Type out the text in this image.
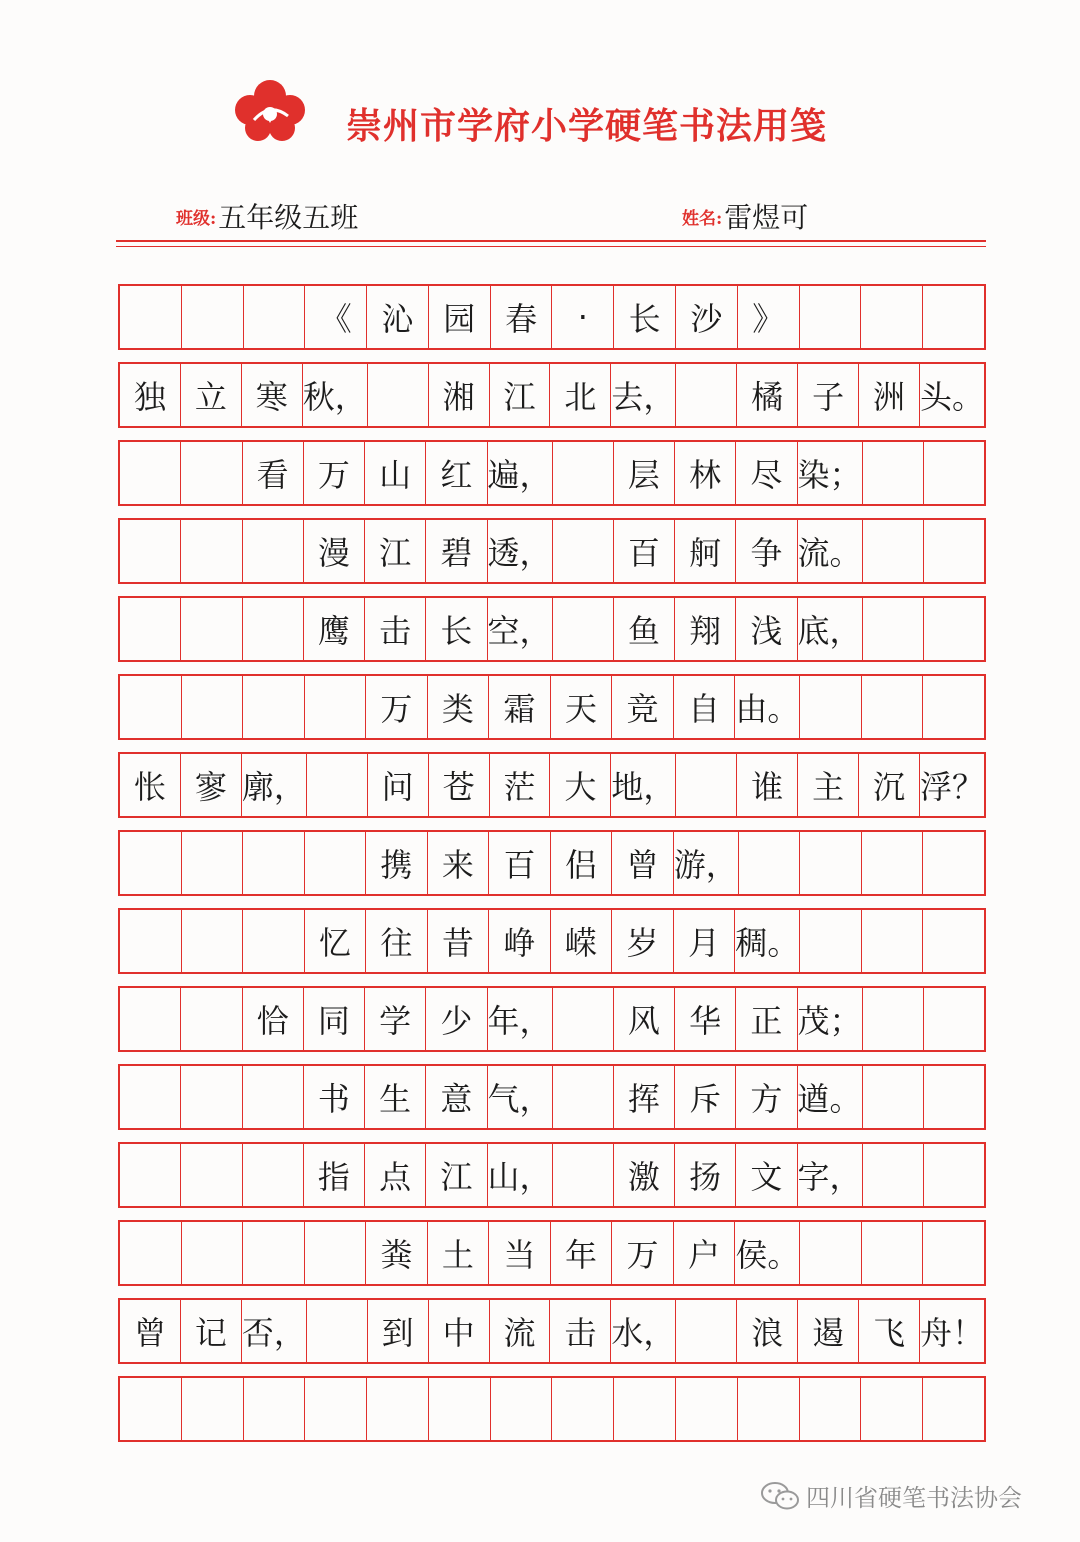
崇州市学府小学硬笔书法用笺
班级:五年级五班	姓名:雷煜可
《 沁 园 春	·	长 沙 》
独 立 寒 秋，	湘 江 北 去，	橘 子 洲 头。
看 万 山 红 遍，	层 林 尽 染；
漫 江 碧 透，	百 舸 争 流。
鹰 击 长 空，	鱼 翔 浅 底，
万 类 霜 天 竞 自 由。
怅 寥 廓，	问 苍 茫 大 地，	谁 主 沉 浮？
携 来 百 侣 曾 游，
忆 往 昔 峥 嵘 岁 月 稠。
恰 同 学 少 年，	风 华 正 茂；
书 生 意 气，	挥 斥 方 遒。
指 点 江 山，	激 扬 文 字，
粪 土 当 年 万 户 侯。
曾 记 否，	到 中 流 击 水，	浪 遏 飞 舟！
四川省硬笔书法协会
